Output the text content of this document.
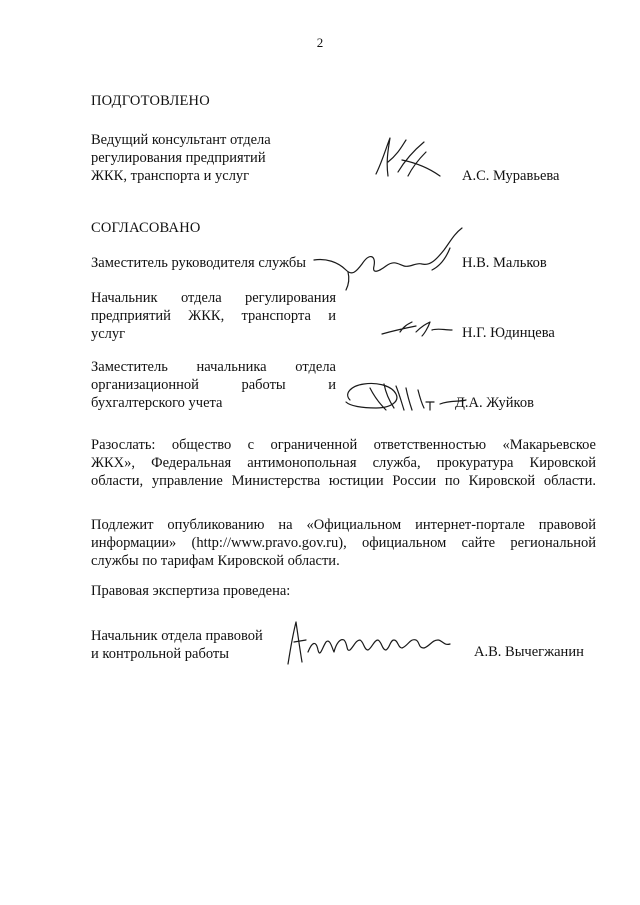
2
ПОДГОТОВЛЕНО
Ведущий консультант отдела
регулирования предприятий
ЖКК, транспорта и услуг	А.С. Муравьева
СОГЛАСОВАНО
Заместитель руководителя службы	Н.В. Мальков
Начальник отдела регулирования
предприятий ЖКК, транспорта и
услуг	Н.Г. Юдинцева
Заместитель начальника отдела
организационной работы и
бухгалтерского учета	Д.А. Жуйков
Разослать: общество с ограниченной ответственностью «Макарьевское
ЖКХ», Федеральная антимонопольная служба, прокуратура Кировской
области, управление Министерства юстиции России по Кировской области.
Подлежит опубликованию на «Официальном интернет-портале правовой
информации» (http://www.pravo.gov.ru), официальном сайте региональной
службы по тарифам Кировской области.
Правовая экспертиза проведена:
Начальник отдела правовой
и контрольной работы	А.В. Вычегжанин
